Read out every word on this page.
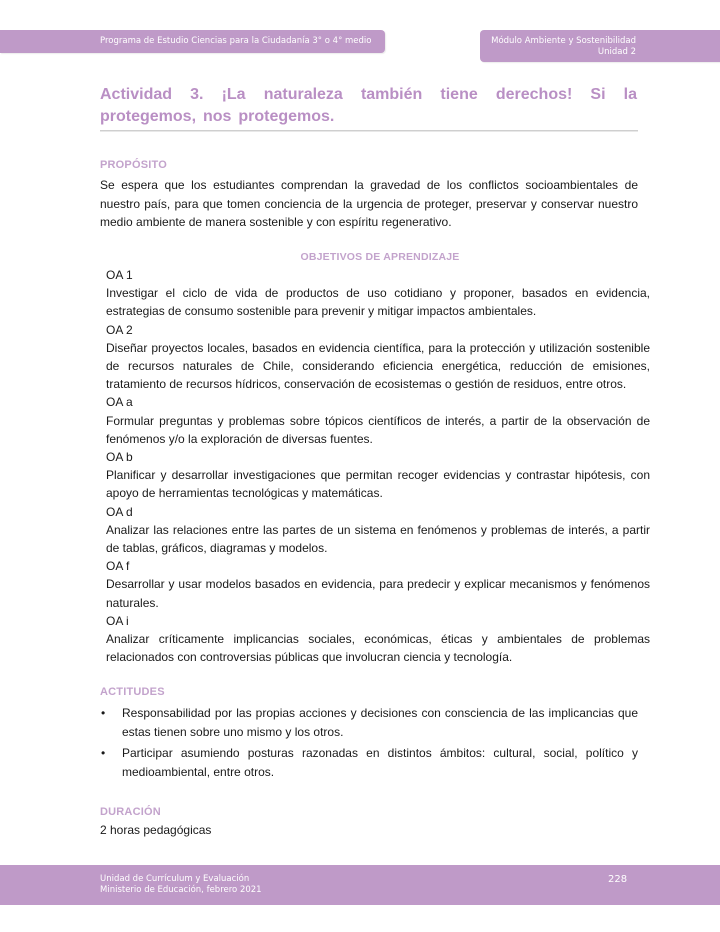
Programa de Estudio Ciencias para la Ciudadanía 3° o 4° medio	Módulo Ambiente y Sostenibilidad
Unidad 2
Actividad 3. ¡La naturaleza también tiene derechos! Si la protegemos, nos protegemos.
PROPÓSITO

Se espera que los estudiantes comprendan la gravedad de los conflictos socioambientales de nuestro país, para que tomen conciencia de la urgencia de proteger, preservar y conservar nuestro medio ambiente de manera sostenible y con espíritu regenerativo.

OBJETIVOS DE APRENDIZAJE
OA 1
Investigar el ciclo de vida de productos de uso cotidiano y proponer, basados en evidencia, estrategias de consumo sostenible para prevenir y mitigar impactos ambientales.
OA 2
Diseñar proyectos locales, basados en evidencia científica, para la protección y utilización sostenible de recursos naturales de Chile, considerando eficiencia energética, reducción de emisiones, tratamiento de recursos hídricos, conservación de ecosistemas o gestión de residuos, entre otros.
OA a
Formular preguntas y problemas sobre tópicos científicos de interés, a partir de la observación de fenómenos y/o la exploración de diversas fuentes.
OA b
Planificar y desarrollar investigaciones que permitan recoger evidencias y contrastar hipótesis, con apoyo de herramientas tecnológicas y matemáticas.
OA d
Analizar las relaciones entre las partes de un sistema en fenómenos y problemas de interés, a partir de tablas, gráficos, diagramas y modelos.
OA f
Desarrollar y usar modelos basados en evidencia, para predecir y explicar mecanismos y fenómenos naturales.
OA i
Analizar críticamente implicancias sociales, económicas, éticas y ambientales de problemas relacionados con controversias públicas que involucran ciencia y tecnología.
ACTITUDES
• Responsabilidad por las propias acciones y decisiones con consciencia de las implicancias que estas tienen sobre uno mismo y los otros.
• Participar asumiendo posturas razonadas en distintos ámbitos: cultural, social, político y medioambiental, entre otros.
DURACIÓN

2 horas pedagógicas

Unidad de Currículum y Evaluación
Ministerio de Educación, febrero 2021
228
